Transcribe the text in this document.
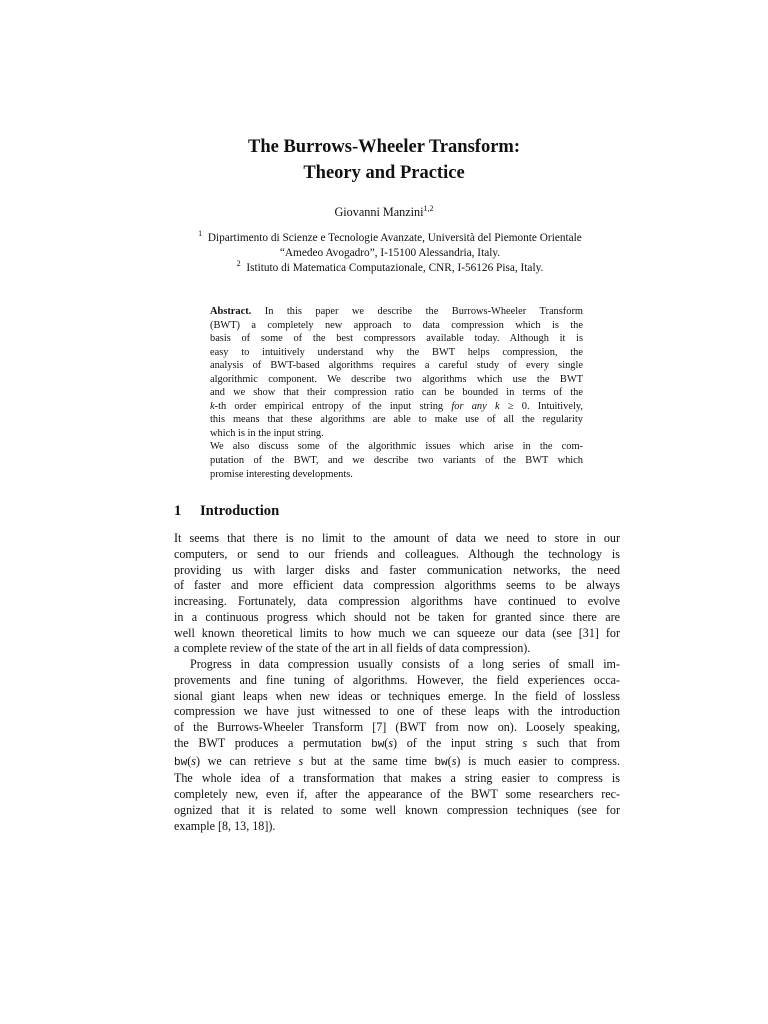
The Burrows-Wheeler Transform:
Theory and Practice
Giovanni Manzini$^{1,2}$
$^1$ Dipartimento di Scienze e Tecnologie Avanzate, Università del Piemonte Orientale
“Amedeo Avogadro”, I-15100 Alessandria, Italy.
$^2$ Istituto di Matematica Computazionale, CNR, I-56126 Pisa, Italy.
Abstract. In this paper we describe the Burrows-Wheeler Transform
(BWT) a completely new approach to data compression which is the
basis of some of the best compressors available today. Although it is
easy to intuitively understand why the BWT helps compression, the
analysis of BWT-based algorithms requires a careful study of every single
algorithmic component. We describe two algorithms which use the BWT
and we show that their compression ratio can be bounded in terms of the
k-th order empirical entropy of the input string for any k ≥ 0. Intuitively,
this means that these algorithms are able to make use of all the regularity
which is in the input string.
We also discuss some of the algorithmic issues which arise in the com-
putation of the BWT, and we describe two variants of the BWT which
promise interesting developments.
1 Introduction
It seems that there is no limit to the amount of data we need to store in our
computers, or send to our friends and colleagues. Although the technology is
providing us with larger disks and faster communication networks, the need
of faster and more efficient data compression algorithms seems to be always
increasing. Fortunately, data compression algorithms have continued to evolve
in a continuous progress which should not be taken for granted since there are
well known theoretical limits to how much we can squeeze our data (see [31] for
a complete review of the state of the art in all fields of data compression).
Progress in data compression usually consists of a long series of small im-
provements and fine tuning of algorithms. However, the field experiences occa-
sional giant leaps when new ideas or techniques emerge. In the field of lossless
compression we have just witnessed to one of these leaps with the introduction
of the Burrows-Wheeler Transform [7] (BWT from now on). Loosely speaking,
the BWT produces a permutation bw(s) of the input string s such that from
bw(s) we can retrieve s but at the same time bw(s) is much easier to compress.
The whole idea of a transformation that makes a string easier to compress is
completely new, even if, after the appearance of the BWT some researchers rec-
ognized that it is related to some well known compression techniques (see for
example [8, 13, 18]).
